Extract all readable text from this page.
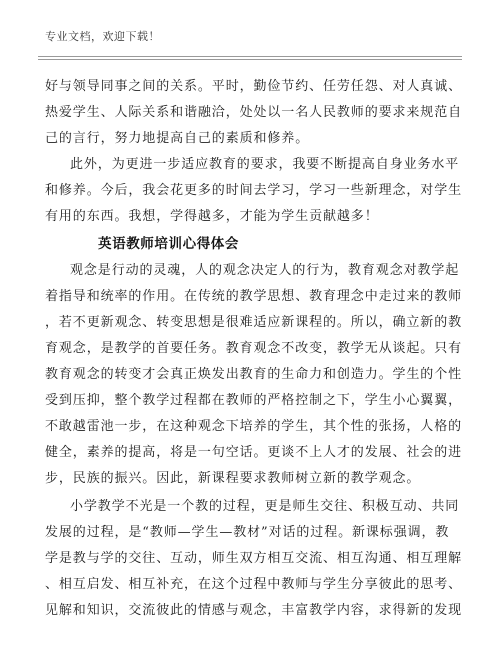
专业文档，欢迎下载！
好与领导同事之间的关系。平时，勤俭节约、任劳任怨、对人真诚、
热爱学生、人际关系和谐融洽，处处以一名人民教师的要求来规范自
己的言行，努力地提高自己的素质和修养。
此外，为更进一步适应教育的要求，我要不断提高自身业务水平
和修养。今后，我会花更多的时间去学习，学习一些新理念，对学生
有用的东西。我想，学得越多，才能为学生贡献越多！
英语教师培训心得体会
观念是行动的灵魂，人的观念决定人的行为，教育观念对教学起
着指导和统率的作用。在传统的教学思想、教育理念中走过来的教师
，若不更新观念、转变思想是很难适应新课程的。所以，确立新的教
育观念，是教学的首要任务。教育观念不改变，教学无从谈起。只有
教育观念的转变才会真正焕发出教育的生命力和创造力。学生的个性
受到压抑，整个教学过程都在教师的严格控制之下，学生小心翼翼，
不敢越雷池一步，在这种观念下培养的学生，其个性的张扬，人格的
健全，素养的提高，将是一句空话。更谈不上人才的发展、社会的进
步，民族的振兴。因此，新课程要求教师树立新的教学观念。
小学教学不光是一个教的过程，更是师生交往、积极互动、共同
发展的过程，是“教师—学生—教材”对话的过程。新课标强调，教
学是教与学的交往、互动，师生双方相互交流、相互沟通、相互理解
、相互启发、相互补充，在这个过程中教师与学生分享彼此的思考、
见解和知识，交流彼此的情感与观念，丰富教学内容，求得新的发现
